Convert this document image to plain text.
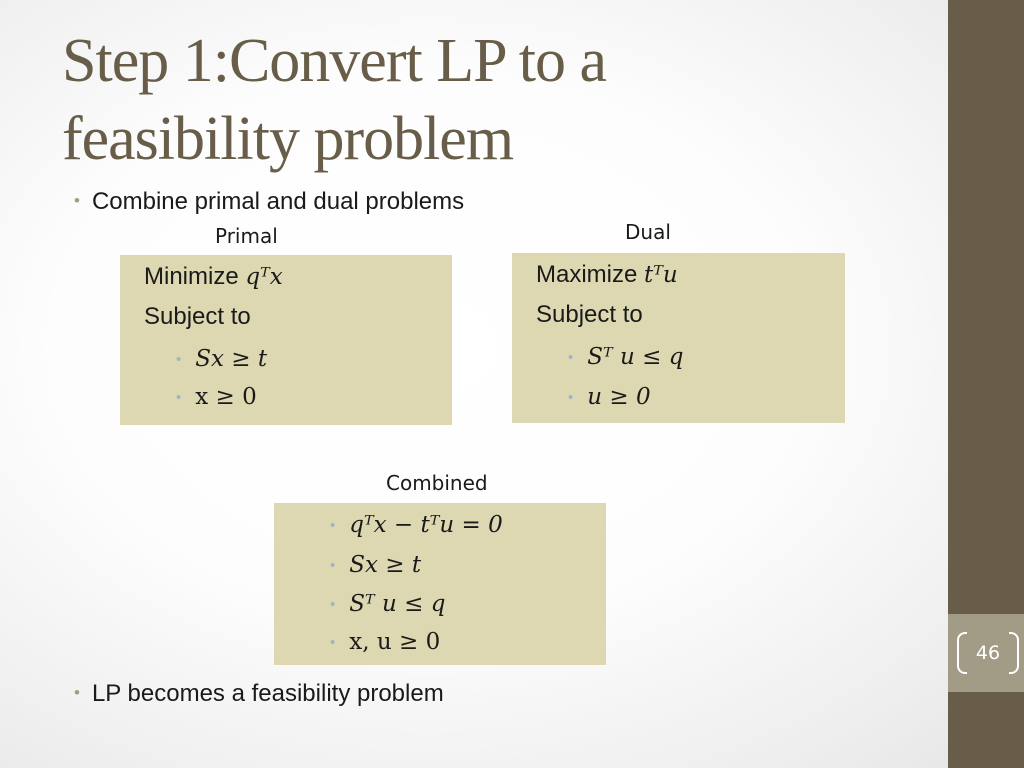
46
Step 1:Convert LP to a feasibility problem
• Combine primal and dual problems
Primal
Minimize qᵀx
Subject to
• Sx ≥ t
• x ≥ 0
Dual
Maximize tᵀu
Subject to
• Sᵀ u ≤ q
• u ≥ 0
Combined
• qᵀx − tᵀu = 0
• Sx ≥ t
• Sᵀ u ≤ q
• x, u ≥ 0
• LP becomes a feasibility problem
